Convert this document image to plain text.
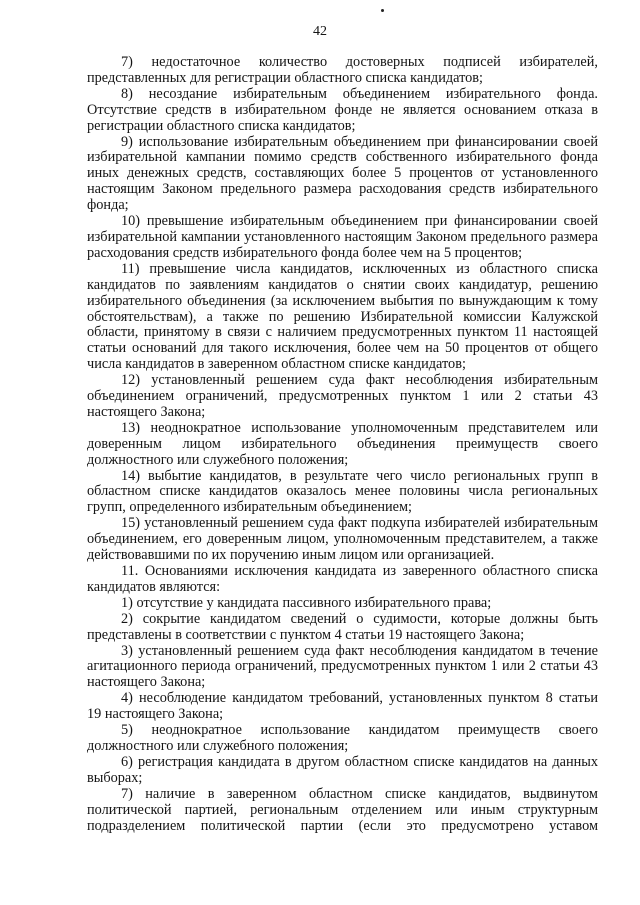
42

7) недостаточное количество достоверных подписей избирателей, представленных для регистрации областного списка кандидатов;

8) несоздание избирательным объединением избирательного фонда. Отсутствие средств в избирательном фонде не является основанием отказа в регистрации областного списка кандидатов;

9) использование избирательным объединением при финансировании своей избирательной кампании помимо средств собственного избирательного фонда иных денежных средств, составляющих более 5 процентов от установленного настоящим Законом предельного размера расходования средств избирательного фонда;

10) превышение избирательным объединением при финансировании своей избирательной кампании установленного настоящим Законом предельного размера расходования средств избирательного фонда более чем на 5 процентов;

11) превышение числа кандидатов, исключенных из областного списка кандидатов по заявлениям кандидатов о снятии своих кандидатур, решению избирательного объединения (за исключением выбытия по вынуждающим к тому обстоятельствам), а также по решению Избирательной комиссии Калужской области, принятому в связи с наличием предусмотренных пунктом 11 настоящей статьи оснований для такого исключения, более чем на 50 процентов от общего числа кандидатов в заверенном областном списке кандидатов;

12) установленный решением суда факт несоблюдения избирательным объединением ограничений, предусмотренных пунктом 1 или 2 статьи 43 настоящего Закона;

13) неоднократное использование уполномоченным представителем или доверенным лицом избирательного объединения преимуществ своего должностного или служебного положения;

14) выбытие кандидатов, в результате чего число региональных групп в областном списке кандидатов оказалось менее половины числа региональных групп, определенного избирательным объединением;

15) установленный решением суда факт подкупа избирателей избирательным объединением, его доверенным лицом, уполномоченным представителем, а также действовавшими по их поручению иным лицом или организацией.

11. Основаниями исключения кандидата из заверенного областного списка кандидатов являются:

1) отсутствие у кандидата пассивного избирательного права;

2) сокрытие кандидатом сведений о судимости, которые должны быть представлены в соответствии с пунктом 4 статьи 19 настоящего Закона;

3) установленный решением суда факт несоблюдения кандидатом в течение агитационного периода ограничений, предусмотренных пунктом 1 или 2 статьи 43 настоящего Закона;

4) несоблюдение кандидатом требований, установленных пунктом 8 статьи 19 настоящего Закона;

5) неоднократное использование кандидатом преимуществ своего должностного или служебного положения;

6) регистрация кандидата в другом областном списке кандидатов на данных выборах;

7) наличие в заверенном областном списке кандидатов, выдвинутом политической партией, региональным отделением или иным структурным подразделением политической партии (если это предусмотрено уставом
